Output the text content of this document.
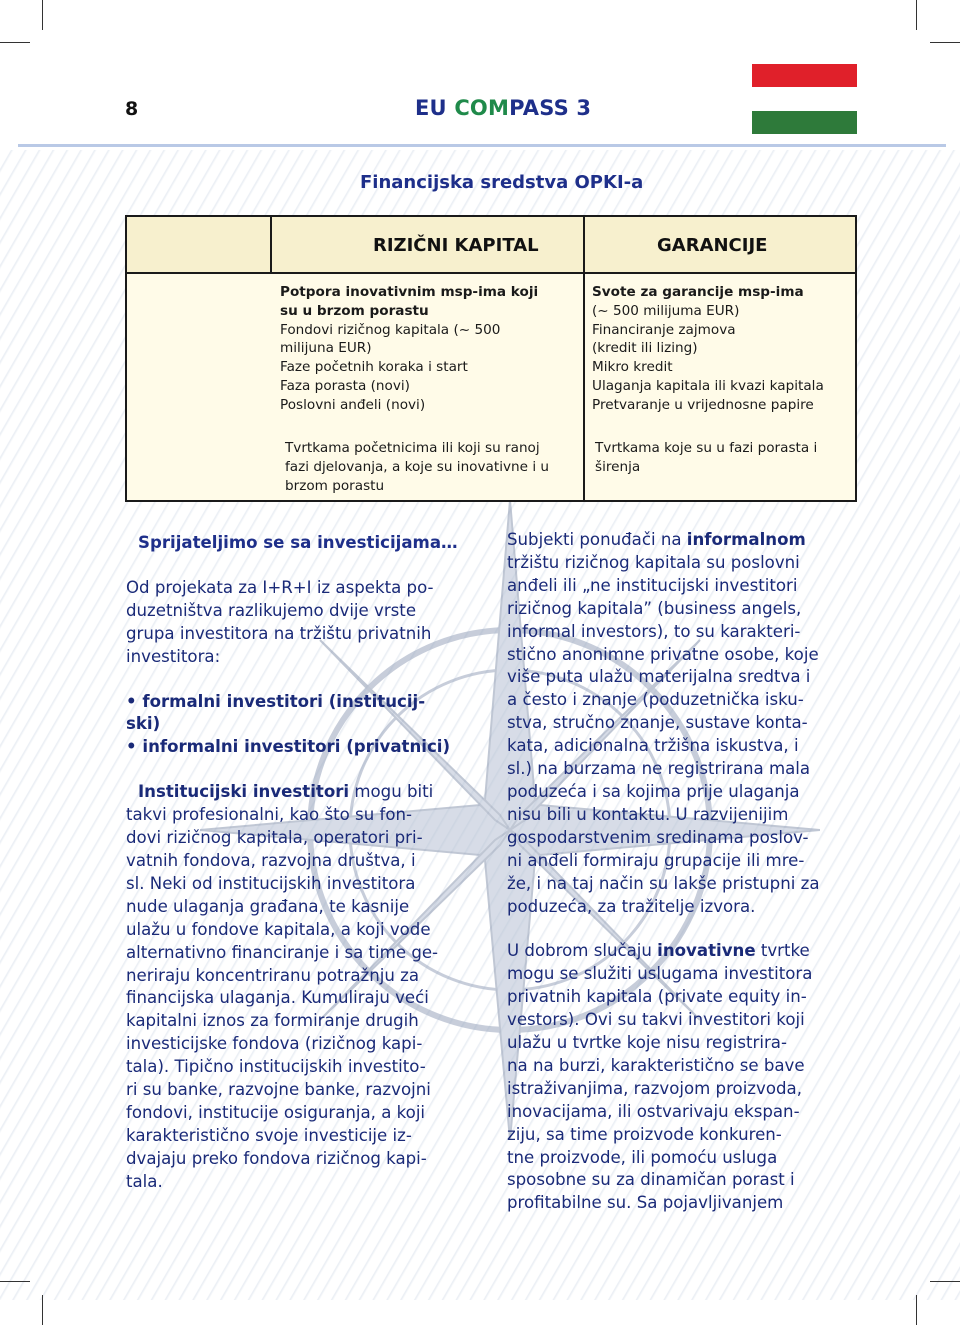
8	EU COMPASS 3
Financijska sredstva OPKI-a
RIZIČNI KAPITAL	GARANCIJE
Potpora inovativnim msp-ima koji
su u brzom porastu
Fondovi rizičnog kapitala (~ 500
milijuna EUR)
Faze početnih koraka i start
Faza porasta (novi)
Poslovni anđeli (novi)
Svote za garancije msp-ima
(~ 500 milijuma EUR)
Financiranje zajmova
(kredit ili lizing)
Mikro kredit
Ulaganja kapitala ili kvazi kapitala
Pretvaranje u vrijednosne papire
Tvrtkama početnicima ili koji su ranoj
fazi djelovanja, a koje su inovativne i u
brzom porastu
Tvrtkama koje su u fazi porasta i
širenja

Sprijateljimo se sa investicijama…

Od projekata za I+R+I iz aspekta po-
duzetništva razlikujemo dvije vrste
grupa investitora na tržištu privatnih
investitora:

• formalni investitori (institucij-
ski)
• informalni investitori (privatnici)

Institucijski investitori mogu biti
takvi profesionalni, kao što su fon-
dovi rizičnog kapitala, operatori pri-
vatnih fondova, razvojna društva, i
sl. Neki od institucijskih investitora
nude ulaganja građana, te kasnije
ulažu u fondove kapitala, a koji vode
alternativno financiranje i sa time ge-
neriraju koncentriranu potražnju za
financijska ulaganja. Kumuliraju veći
kapitalni iznos za formiranje drugih
investicijske fondova (rizičnog kapi-
tala). Tipično institucijskih investito-
ri su banke, razvojne banke, razvojni
fondovi, institucije osiguranja, a koji
karakteristično svoje investicije iz-
dvajaju preko fondova rizičnog kapi-
tala.

Subjekti ponuđači na informalnom
tržištu rizičnog kapitala su poslovni
anđeli ili „ne institucijski investitori
rizičnog kapitala” (business angels,
informal investors), to su karakteri-
stično anonimne privatne osobe, koje
više puta ulažu materijalna sredtva i
a često i znanje (poduzetnička isku-
stva, stručno znanje, sustave konta-
kata, adicionalna tržišna iskustva, i
sl.) na burzama ne registrirana mala
poduzeća i sa kojima prije ulaganja
nisu bili u kontaktu. U razvijenijim
gospodarstvenim sredinama poslov-
ni anđeli formiraju grupacije ili mre-
že, i na taj način su lakše pristupni za
poduzeća, za tražitelje izvora.

U dobrom slučaju inovativne tvrtke
mogu se služiti uslugama investitora
privatnih kapitala (private equity in-
vestors). Ovi su takvi investitori koji
ulažu u tvrtke koje nisu registrira-
na na burzi, karakteristično se bave
istraživanjima, razvojom proizvoda,
inovacijama, ili ostvarivaju ekspan-
ziju, sa time proizvode konkuren-
tne proizvode, ili pomoću usluga
sposobne su za dinamičan porast i
profitabilne su. Sa pojavljivanjem
